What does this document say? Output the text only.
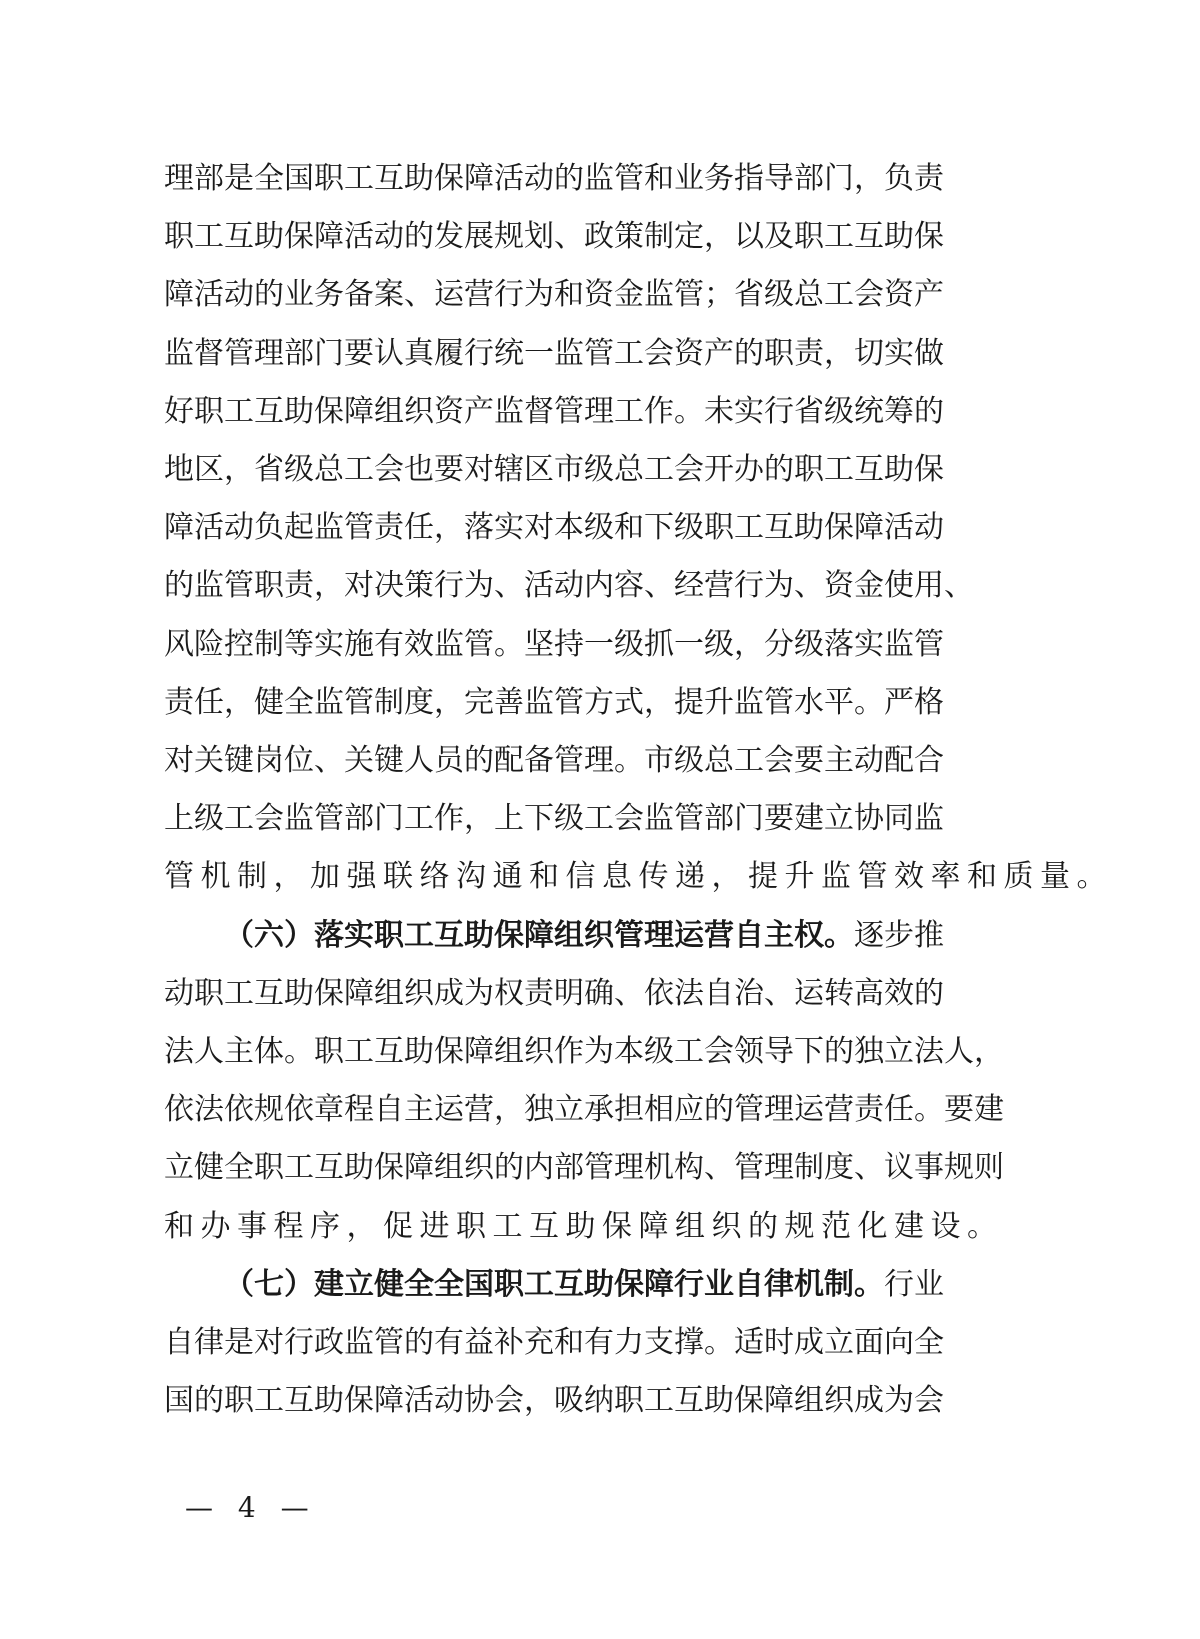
理部是全国职工互助保障活动的监管和业务指导部门，负责
职工互助保障活动的发展规划、政策制定，以及职工互助保
障活动的业务备案、运营行为和资金监管；省级总工会资产
监督管理部门要认真履行统一监管工会资产的职责，切实做
好职工互助保障组织资产监督管理工作。未实行省级统筹的
地区，省级总工会也要对辖区市级总工会开办的职工互助保
障活动负起监管责任，落实对本级和下级职工互助保障活动
的监管职责，对决策行为、活动内容、经营行为、资金使用、
风险控制等实施有效监管。坚持一级抓一级，分级落实监管
责任，健全监管制度，完善监管方式，提升监管水平。严格
对关键岗位、关键人员的配备管理。市级总工会要主动配合
上级工会监管部门工作，上下级工会监管部门要建立协同监
管机制，加强联络沟通和信息传递，提升监管效率和质量。
（六）落实职工互助保障组织管理运营自主权。逐步推
动职工互助保障组织成为权责明确、依法自治、运转高效的
法人主体。职工互助保障组织作为本级工会领导下的独立法人，
依法依规依章程自主运营，独立承担相应的管理运营责任。要建
立健全职工互助保障组织的内部管理机构、管理制度、议事规则
和办事程序，促进职工互助保障组织的规范化建设。
（七）建立健全全国职工互助保障行业自律机制。行业
自律是对行政监管的有益补充和有力支撑。适时成立面向全
国的职工互助保障活动协会，吸纳职工互助保障组织成为会
— 4 —
